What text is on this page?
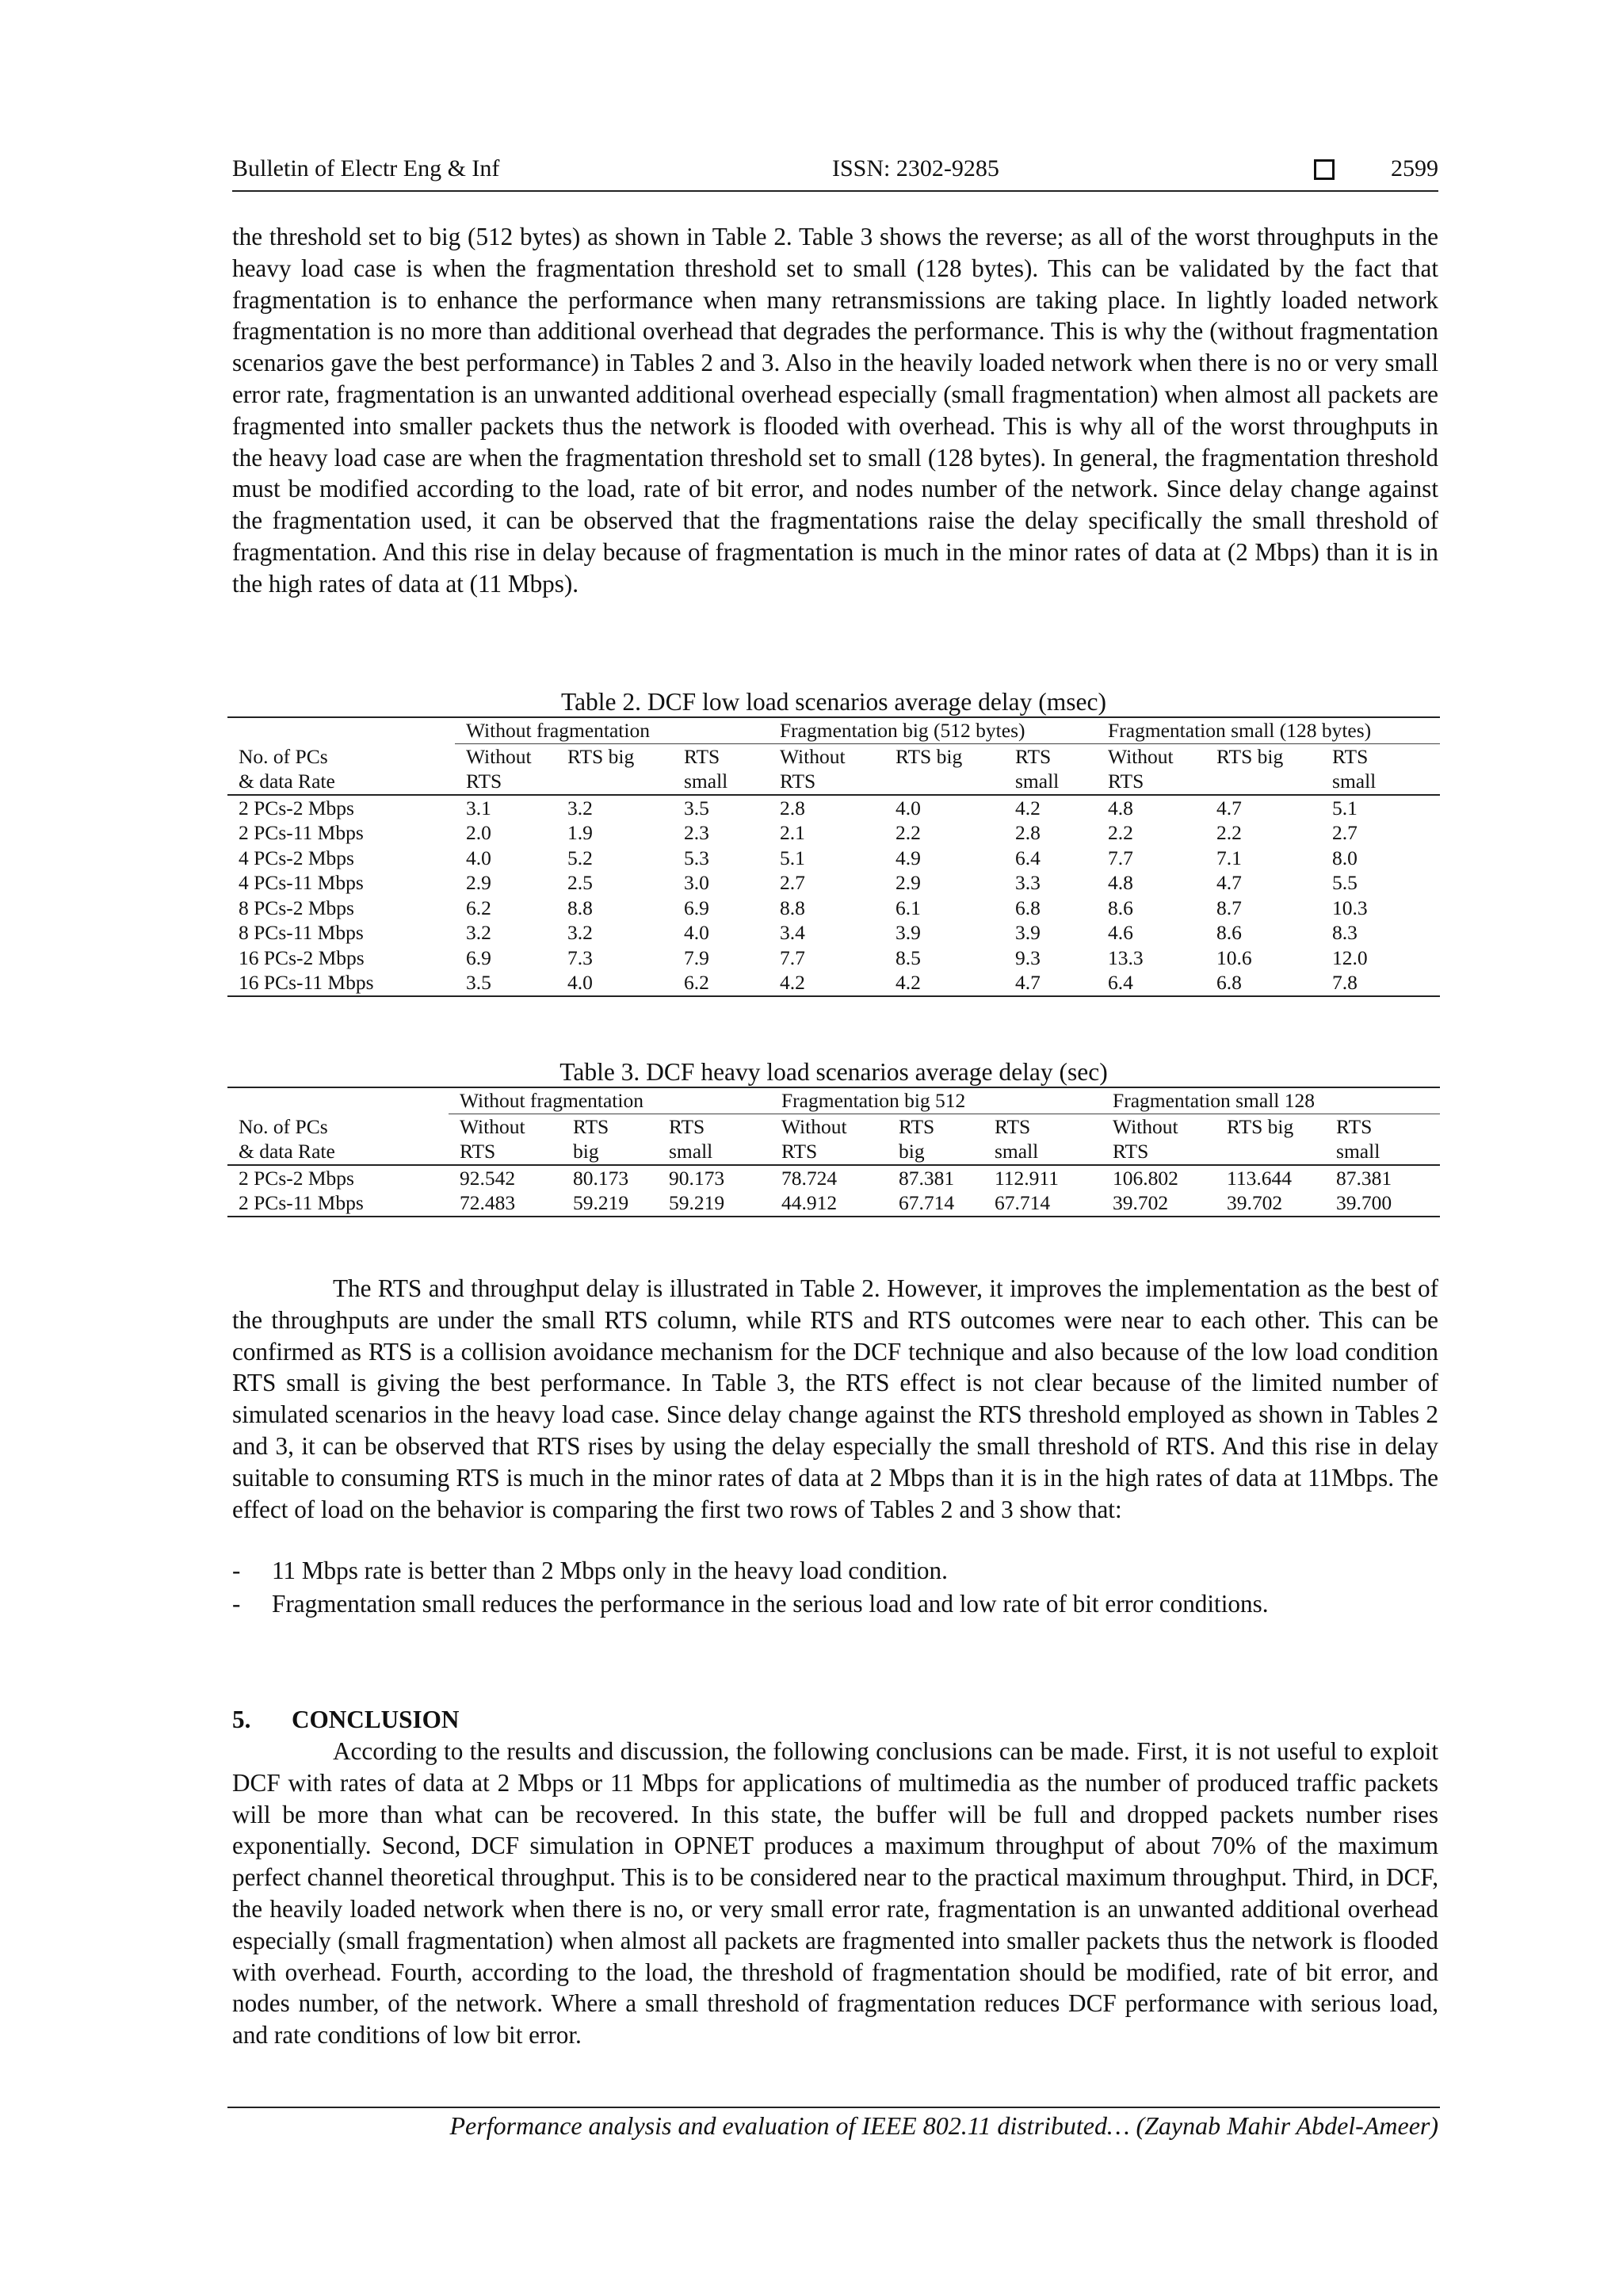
Bulletin of Electr Eng & Inf	ISSN: 2302-9285	2599

the threshold set to big (512 bytes) as shown in Table 2. Table 3 shows the reverse; as all of the worst throughputs in the heavy load case is when the fragmentation threshold set to small (128 bytes). This can be validated by the fact that fragmentation is to enhance the performance when many retransmissions are taking place. In lightly loaded network fragmentation is no more than additional overhead that degrades the performance. This is why the (without fragmentation scenarios gave the best performance) in Tables 2 and 3. Also in the heavily loaded network when there is no or very small error rate, fragmentation is an unwanted additional overhead especially (small fragmentation) when almost all packets are fragmented into smaller packets thus the network is flooded with overhead. This is why all of the worst throughputs in the heavy load case are when the fragmentation threshold set to small (128 bytes). In general, the fragmentation threshold must be modified according to the load, rate of bit error, and nodes number of the network. Since delay change against the fragmentation used, it can be observed that the fragmentations raise the delay specifically the small threshold of fragmentation. And this rise in delay because of fragmentation is much in the minor rates of data at (2 Mbps) than it is in the high rates of data at (11 Mbps).

Table 2. DCF low load scenarios average delay (msec)
	Without fragmentation			Fragmentation big (512 bytes)			Fragmentation small (128 bytes)		
No. of PCs	Without	RTS big	RTS	Without	RTS big	RTS	Without	RTS big	RTS
& data Rate	RTS		small	RTS		small	RTS		small
2 PCs-2 Mbps	3.1	3.2	3.5	2.8	4.0	4.2	4.8	4.7	5.1
2 PCs-11 Mbps	2.0	1.9	2.3	2.1	2.2	2.8	2.2	2.2	2.7
4 PCs-2 Mbps	4.0	5.2	5.3	5.1	4.9	6.4	7.7	7.1	8.0
4 PCs-11 Mbps	2.9	2.5	3.0	2.7	2.9	3.3	4.8	4.7	5.5
8 PCs-2 Mbps	6.2	8.8	6.9	8.8	6.1	6.8	8.6	8.7	10.3
8 PCs-11 Mbps	3.2	3.2	4.0	3.4	3.9	3.9	4.6	8.6	8.3
16 PCs-2 Mbps	6.9	7.3	7.9	7.7	8.5	9.3	13.3	10.6	12.0
16 PCs-11 Mbps	3.5	4.0	6.2	4.2	4.2	4.7	6.4	6.8	7.8
Table 3. DCF heavy load scenarios average delay (sec)
	Without fragmentation			Fragmentation big 512			Fragmentation small 128		
No. of PCs	Without	RTS	RTS	Without	RTS	RTS	Without	RTS big	RTS
& data Rate	RTS	big	small	RTS	big	small	RTS		small
2 PCs-2 Mbps	92.542	80.173	90.173	78.724	87.381	112.911	106.802	113.644	87.381
2 PCs-11 Mbps	72.483	59.219	59.219	44.912	67.714	67.714	39.702	39.702	39.700

The RTS and throughput delay is illustrated in Table 2. However, it improves the implementation as the best of the throughputs are under the small RTS column, while RTS and RTS outcomes were near to each other. This can be confirmed as RTS is a collision avoidance mechanism for the DCF technique and also because of the low load condition RTS small is giving the best performance. In Table 3, the RTS effect is not clear because of the limited number of simulated scenarios in the heavy load case. Since delay change against the RTS threshold employed as shown in Tables 2 and 3, it can be observed that RTS rises by using the delay especially the small threshold of RTS. And this rise in delay suitable to consuming RTS is much in the minor rates of data at 2 Mbps than it is in the high rates of data at 11Mbps. The effect of load on the behavior is comparing the first two rows of Tables 2 and 3 show that:

- 11 Mbps rate is better than 2 Mbps only in the heavy load condition.
- Fragmentation small reduces the performance in the serious load and low rate of bit error conditions.
5. CONCLUSION

According to the results and discussion, the following conclusions can be made. First, it is not useful to exploit DCF with rates of data at 2 Mbps or 11 Mbps for applications of multimedia as the number of produced traffic packets will be more than what can be recovered. In this state, the buffer will be full and dropped packets number rises exponentially. Second, DCF simulation in OPNET produces a maximum throughput of about 70% of the maximum perfect channel theoretical throughput. This is to be considered near to the practical maximum throughput. Third, in DCF, the heavily loaded network when there is no, or very small error rate, fragmentation is an unwanted additional overhead especially (small fragmentation) when almost all packets are fragmented into smaller packets thus the network is flooded with overhead. Fourth, according to the load, the threshold of fragmentation should be modified, rate of bit error, and nodes number, of the network. Where a small threshold of fragmentation reduces DCF performance with serious load, and rate conditions of low bit error.

Performance analysis and evaluation of IEEE 802.11 distributed… (Zaynab Mahir Abdel-Ameer)
